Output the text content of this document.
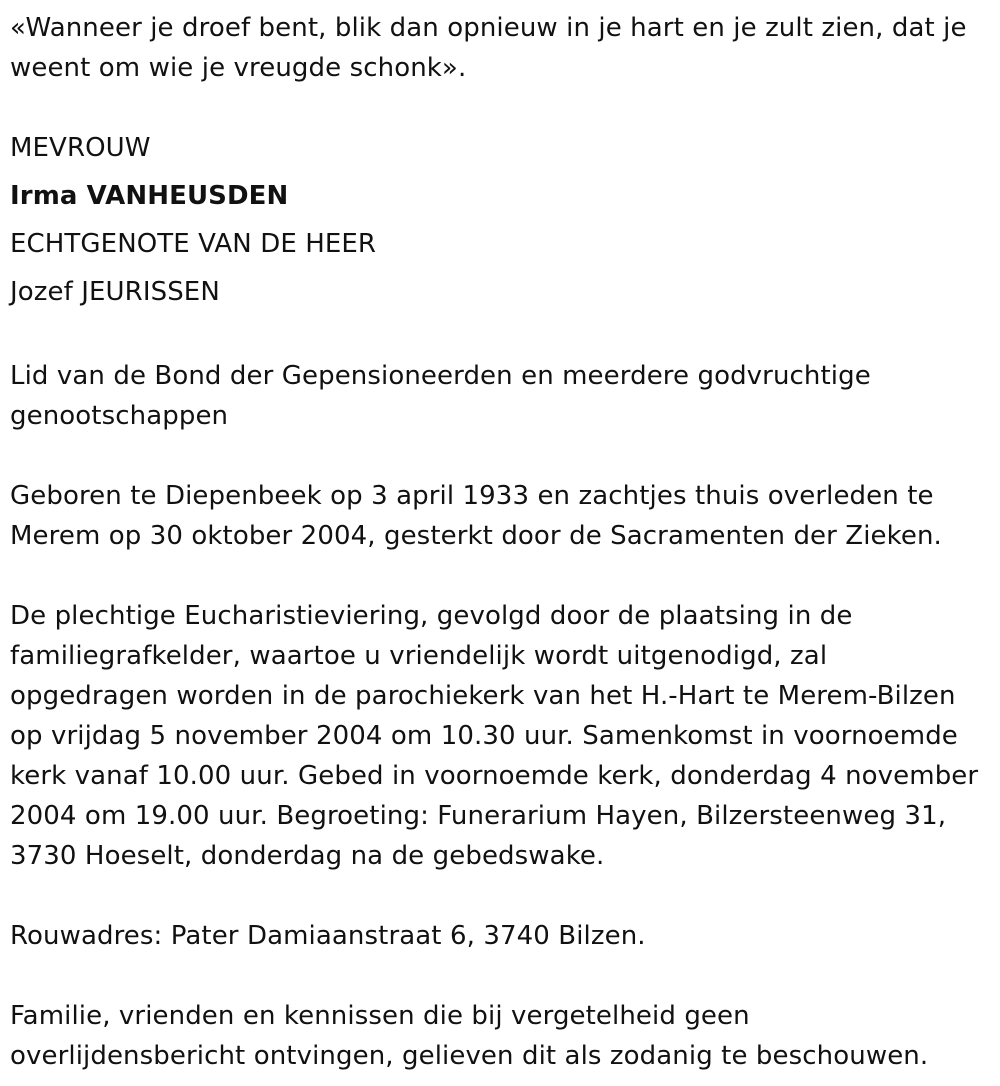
«Wanneer je droef bent, blik dan opnieuw in je hart en je zult zien, dat je weent om wie je vreugde schonk».

MEVROUW

Irma VANHEUSDEN

ECHTGENOTE VAN DE HEER

Jozef JEURISSEN

Lid van de Bond der Gepensioneerden en meerdere godvruchtige genootschappen

Geboren te Diepenbeek op 3 april 1933 en zachtjes thuis overleden te Merem op 30 oktober 2004, gesterkt door de Sacramenten der Zieken.

De plechtige Eucharistieviering, gevolgd door de plaatsing in de familiegrafkelder, waartoe u vriendelijk wordt uitgenodigd, zal opgedragen worden in de parochiekerk van het H.-Hart te Merem-Bilzen op vrijdag 5 november 2004 om 10.30 uur. Samenkomst in voornoemde kerk vanaf 10.00 uur. Gebed in voornoemde kerk, donderdag 4 november 2004 om 19.00 uur. Begroeting: Funerarium Hayen, Bilzersteenweg 31, 3730 Hoeselt, donderdag na de gebedswake.

Rouwadres: Pater Damiaanstraat 6, 3740 Bilzen.

Familie, vrienden en kennissen die bij vergetelheid geen overlijdensbericht ontvingen, gelieven dit als zodanig te beschouwen.
